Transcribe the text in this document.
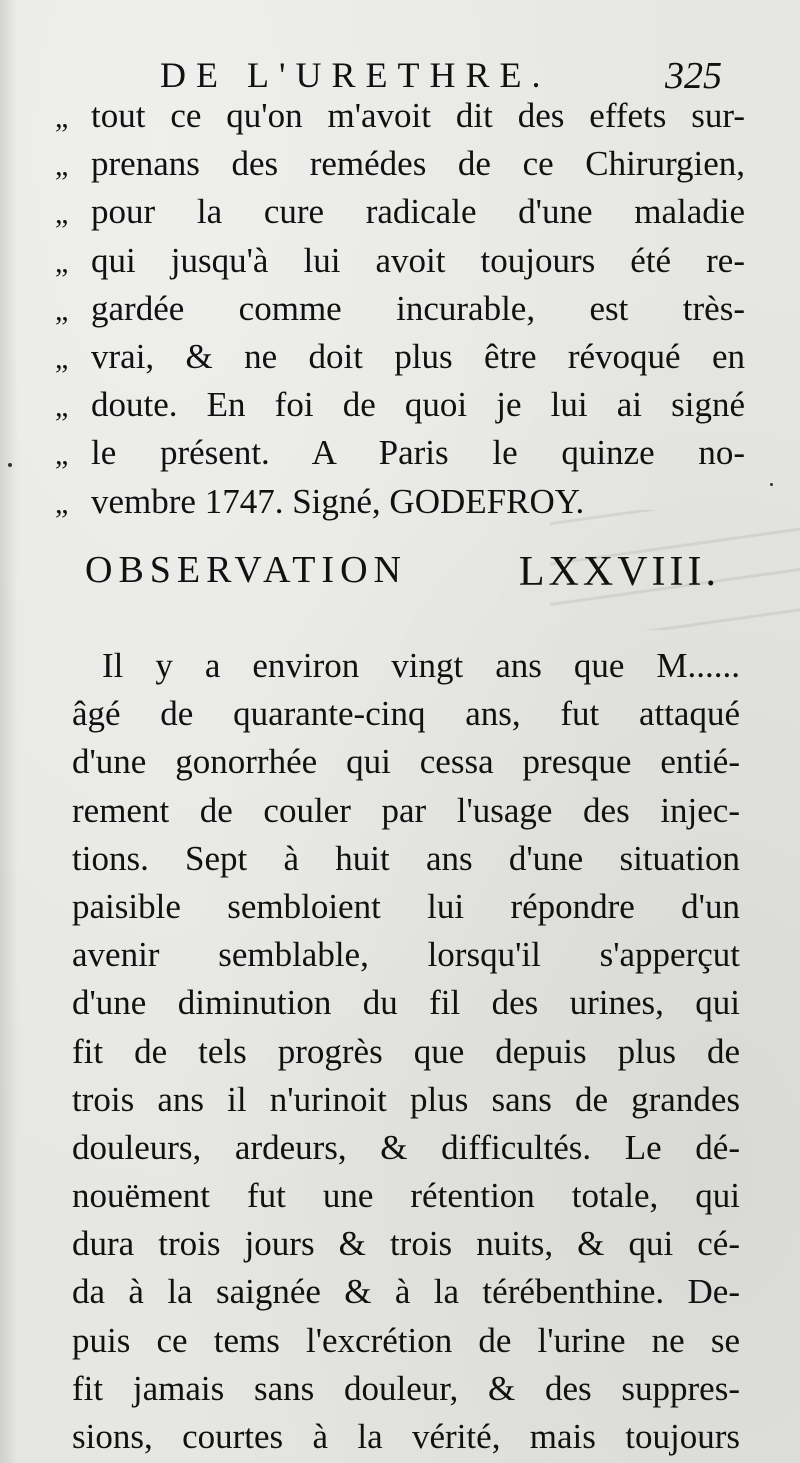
DE L'URETHRE.	325
„ tout ce qu'on m'avoit dit des effets sur-
„ prenans des remédes de ce Chirurgien,
„ pour la cure radicale d'une maladie
„ qui jusqu'à lui avoit toujours été re-
„ gardée comme incurable, est très-
„ vrai, & ne doit plus être révoqué en
„ doute. En foi de quoi je lui ai signé
„ le présent. A Paris le quinze no-
„ vembre 1747. Signé, GODEFROY.
OBSERVATION	LXXVIII.
Il y a environ vingt ans que M......
âgé de quarante-cinq ans, fut attaqué
d'une gonorrhée qui cessa presque entié-
rement de couler par l'usage des injec-
tions. Sept à huit ans d'une situation
paisible sembloient lui répondre d'un
avenir semblable, lorsqu'il s'apperçut
d'une diminution du fil des urines, qui
fit de tels progrès que depuis plus de
trois ans il n'urinoit plus sans de grandes
douleurs, ardeurs, & difficultés. Le dé-
nouëment fut une rétention totale, qui
dura trois jours & trois nuits, & qui cé-
da à la saignée & à la térébenthine. De-
puis ce tems l'excrétion de l'urine ne se
fit jamais sans douleur, & des suppres-
sions, courtes à la vérité, mais toujours
